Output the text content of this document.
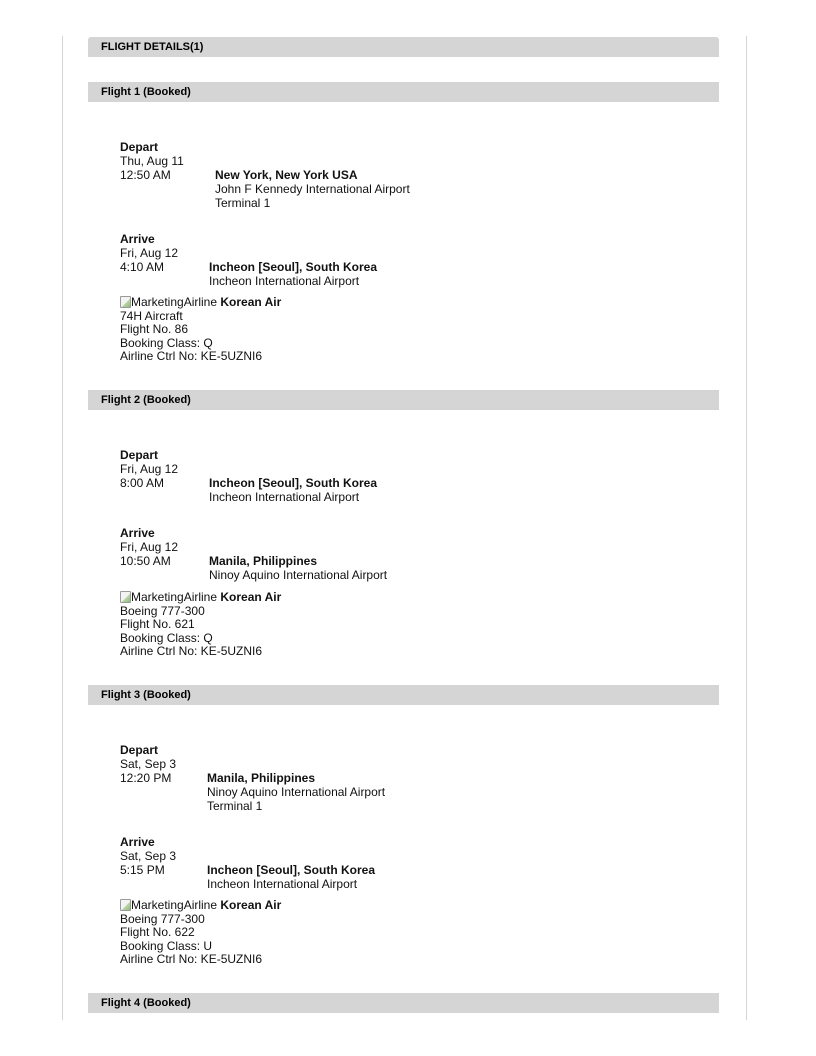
FLIGHT DETAILS(1)
Flight 1 (Booked)
Depart
Thu, Aug 11
12:50 AM	New York, New York USA
John F Kennedy International Airport
Terminal 1
Arrive
Fri, Aug 12
4:10 AM	Incheon [Seoul], South Korea
Incheon International Airport
MarketingAirline Korean Air
74H Aircraft
Flight No. 86
Booking Class: Q
Airline Ctrl No: KE-5UZNI6
Flight 2 (Booked)
Depart
Fri, Aug 12
8:00 AM	Incheon [Seoul], South Korea
Incheon International Airport
Arrive
Fri, Aug 12
10:50 AM	Manila, Philippines
Ninoy Aquino International Airport
MarketingAirline Korean Air
Boeing 777-300
Flight No. 621
Booking Class: Q
Airline Ctrl No: KE-5UZNI6
Flight 3 (Booked)
Depart
Sat, Sep 3
12:20 PM	Manila, Philippines
Ninoy Aquino International Airport
Terminal 1
Arrive
Sat, Sep 3
5:15 PM	Incheon [Seoul], South Korea
Incheon International Airport
MarketingAirline Korean Air
Boeing 777-300
Flight No. 622
Booking Class: U
Airline Ctrl No: KE-5UZNI6
Flight 4 (Booked)
